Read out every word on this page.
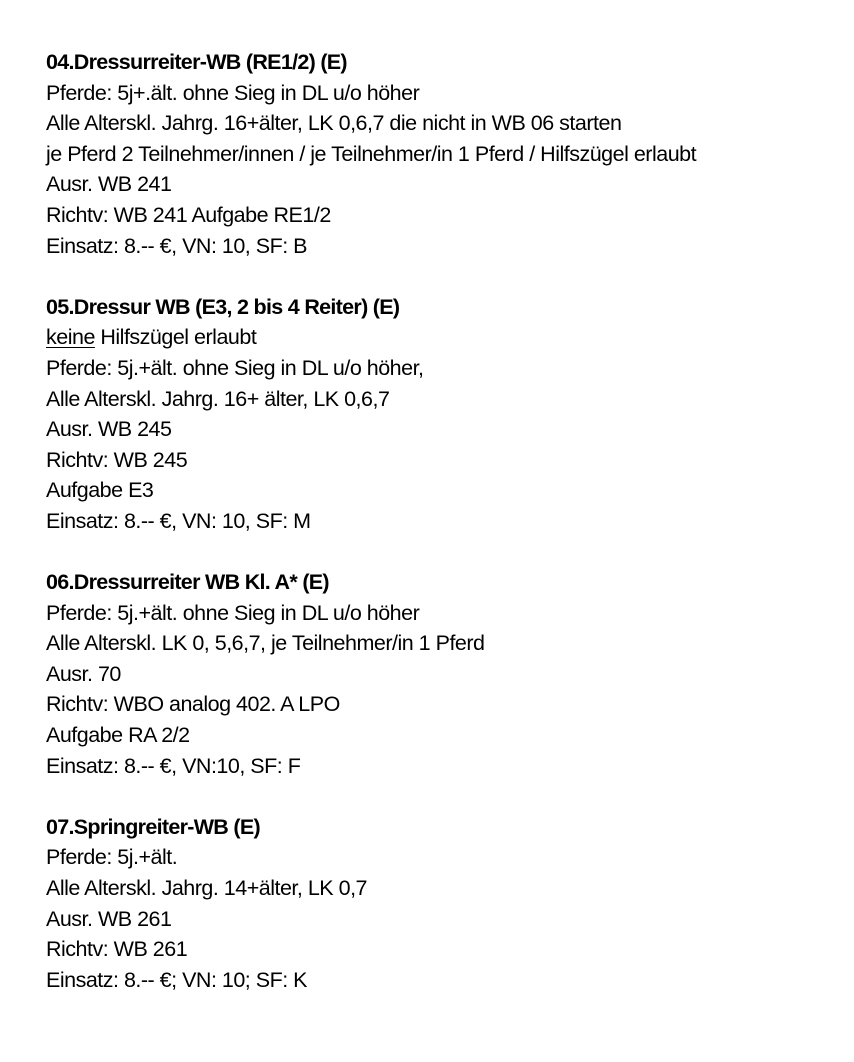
04.Dressurreiter-WB (RE1/2) (E)
Pferde: 5j+.ält. ohne Sieg in DL u/o höher
Alle Alterskl. Jahrg. 16+älter, LK 0,6,7 die nicht in WB 06 starten
je Pferd 2 Teilnehmer/innen / je Teilnehmer/in 1 Pferd / Hilfszügel erlaubt
Ausr. WB 241
Richtv: WB 241 Aufgabe RE1/2
Einsatz: 8.-- €, VN: 10, SF: B
05.Dressur WB (E3, 2 bis 4 Reiter) (E)
keine Hilfszügel erlaubt
Pferde: 5j.+ält. ohne Sieg in DL u/o höher,
Alle Alterskl. Jahrg. 16+ älter, LK 0,6,7
Ausr. WB 245
Richtv: WB 245
Aufgabe E3
Einsatz: 8.-- €, VN: 10, SF: M
06.Dressurreiter WB Kl. A* (E)
Pferde: 5j.+ält. ohne Sieg in DL u/o höher
Alle Alterskl. LK 0, 5,6,7, je Teilnehmer/in 1 Pferd
Ausr. 70
Richtv: WBO analog 402. A LPO
Aufgabe RA 2/2
Einsatz: 8.-- €, VN:10, SF: F
07.Springreiter-WB (E)
Pferde: 5j.+ält.
Alle Alterskl. Jahrg. 14+älter, LK 0,7
Ausr. WB 261
Richtv: WB 261
Einsatz: 8.-- €; VN: 10; SF: K
